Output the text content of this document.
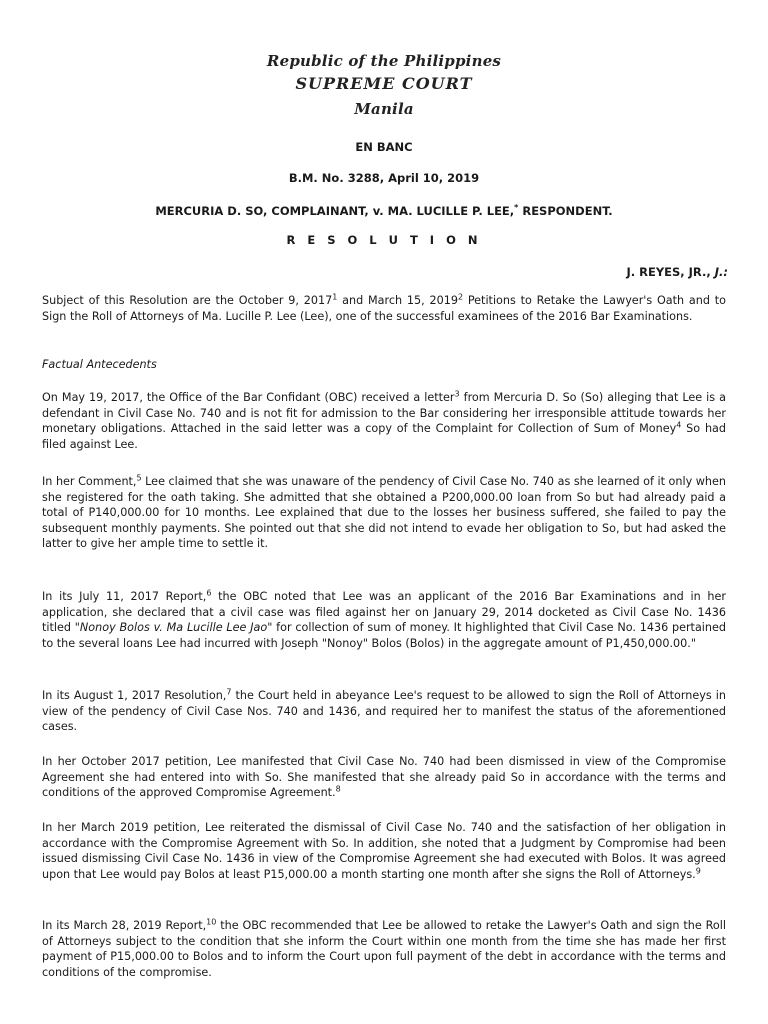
Republic of the Philippines
SUPREME COURT
Manila
EN BANC
B.M. No. 3288, April 10, 2019
MERCURIA D. SO, COMPLAINANT, v. MA. LUCILLE P. LEE,* RESPONDENT.
R E S O L U T I O N
J. REYES, JR., J.:

Subject of this Resolution are the October 9, 2017$^1$ and March 15, 2019$^2$ Petitions to Retake the Lawyer's Oath and to Sign the Roll of Attorneys of Ma. Lucille P. Lee (Lee), one of the successful examinees of the 2016 Bar Examinations.

Factual Antecedents

On May 19, 2017, the Office of the Bar Confidant (OBC) received a letter$^3$ from Mercuria D. So (So) alleging that Lee is a defendant in Civil Case No. 740 and is not fit for admission to the Bar considering her irresponsible attitude towards her monetary obligations. Attached in the said letter was a copy of the Complaint for Collection of Sum of Money$^4$ So had filed against Lee.

In her Comment,$^5$ Lee claimed that she was unaware of the pendency of Civil Case No. 740 as she learned of it only when she registered for the oath taking. She admitted that she obtained a P200,000.00 loan from So but had already paid a total of P140,000.00 for 10 months. Lee explained that due to the losses her business suffered, she failed to pay the subsequent monthly payments. She pointed out that she did not intend to evade her obligation to So, but had asked the latter to give her ample time to settle it.

In its July 11, 2017 Report,$^6$ the OBC noted that Lee was an applicant of the 2016 Bar Examinations and in her application, she declared that a civil case was filed against her on January 29, 2014 docketed as Civil Case No. 1436 titled "Nonoy Bolos v. Ma Lucille Lee Jao" for collection of sum of money. It highlighted that Civil Case No. 1436 pertained to the several loans Lee had incurred with Joseph "Nonoy" Bolos (Bolos) in the aggregate amount of P1,450,000.00."

In its August 1, 2017 Resolution,$^7$ the Court held in abeyance Lee's request to be allowed to sign the Roll of Attorneys in view of the pendency of Civil Case Nos. 740 and 1436, and required her to manifest the status of the aforementioned cases.

In her October 2017 petition, Lee manifested that Civil Case No. 740 had been dismissed in view of the Compromise Agreement she had entered into with So. She manifested that she already paid So in accordance with the terms and conditions of the approved Compromise Agreement.$^8$

In her March 2019 petition, Lee reiterated the dismissal of Civil Case No. 740 and the satisfaction of her obligation in accordance with the Compromise Agreement with So. In addition, she noted that a Judgment by Compromise had been issued dismissing Civil Case No. 1436 in view of the Compromise Agreement she had executed with Bolos. It was agreed upon that Lee would pay Bolos at least P15,000.00 a month starting one month after she signs the Roll of Attorneys.$^9$

In its March 28, 2019 Report,$^{10}$ the OBC recommended that Lee be allowed to retake the Lawyer's Oath and sign the Roll of Attorneys subject to the condition that she inform the Court within one month from the time she has made her first payment of P15,000.00 to Bolos and to inform the Court upon full payment of the debt in accordance with the terms and conditions of the compromise.
